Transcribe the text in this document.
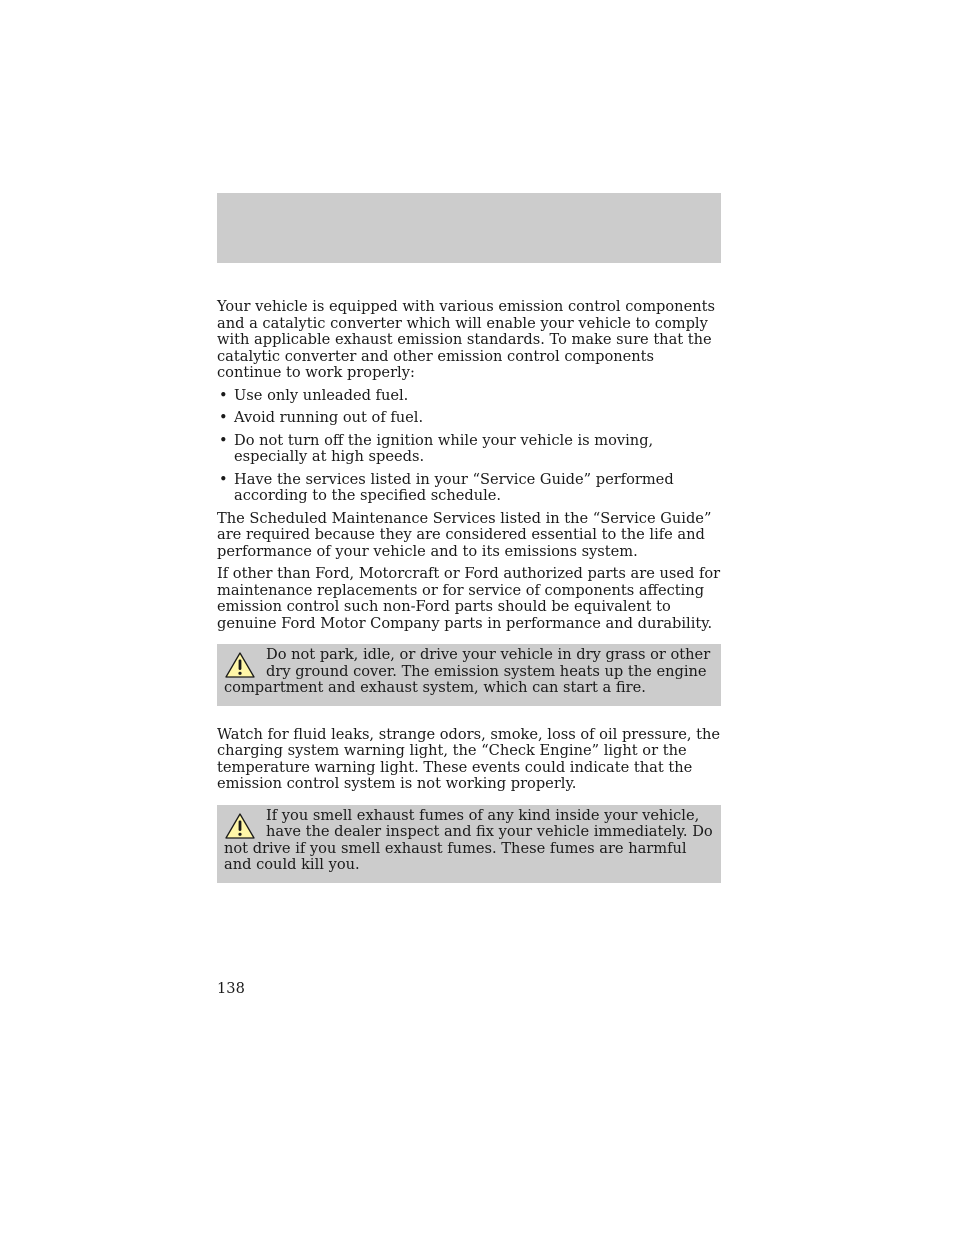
Your vehicle is equipped with various emission control components and a catalytic converter which will enable your vehicle to comply with applicable exhaust emission standards. To make sure that the catalytic converter and other emission control components continue to work properly:

• Use only unleaded fuel.
• Avoid running out of fuel.
• Do not turn off the ignition while your vehicle is moving, especially at high speeds.
• Have the services listed in your “Service Guide” performed according to the specified schedule.

The Scheduled Maintenance Services listed in the “Service Guide” are required because they are considered essential to the life and performance of your vehicle and to its emissions system.

If other than Ford, Motorcraft or Ford authorized parts are used for maintenance replacements or for service of components affecting emission control such non-Ford parts should be equivalent to genuine Ford Motor Company parts in performance and durability.

Do not park, idle, or drive your vehicle in dry grass or other dry ground cover. The emission system heats up the engine compartment and exhaust system, which can start a fire.

Watch for fluid leaks, strange odors, smoke, loss of oil pressure, the charging system warning light, the “Check Engine” light or the temperature warning light. These events could indicate that the emission control system is not working properly.

If you smell exhaust fumes of any kind inside your vehicle, have the dealer inspect and fix your vehicle immediately. Do not drive if you smell exhaust fumes. These fumes are harmful and could kill you.
138
